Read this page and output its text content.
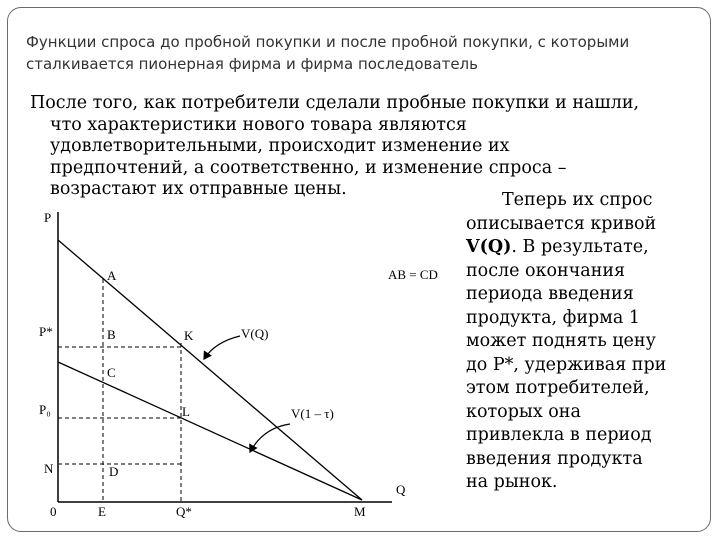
Функции спроса до пробной покупки и после пробной покупки, с которыми
сталкивается пионерная фирма и фирма последователь
После того, как потребители сделали пробные покупки и нашли,
что характеристики нового товара являются
удовлетворительными, происходит изменение их
предпочтений, а соответственно, и изменение спроса –
возрастают их отправные цены.
Теперь их спрос
описывается кривой
V(Q). В результате,
после окончания
периода введения
продукта, фирма 1
может поднять цену
до P*, удерживая при
этом потребителей,
которых она
привлекла в период
введения продукта
на рынок.
P
Q
0
P*
P₀
N
E	Q*	M
A
B
C
D
K
L
V(Q)
V(1 – τ)
AB = CD
